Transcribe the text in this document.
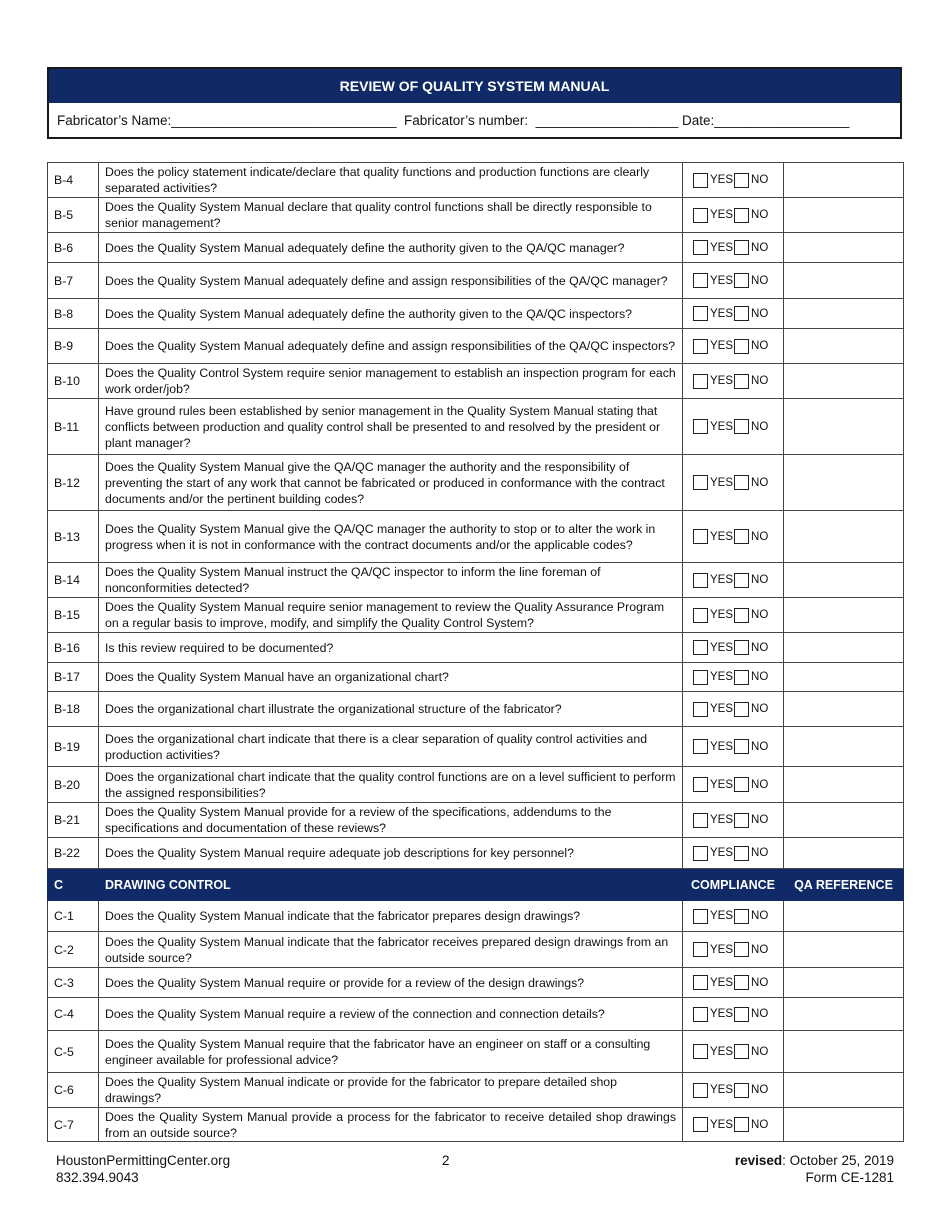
REVIEW OF QUALITY SYSTEM MANUAL
Fabricator’s Name:______________________________  Fabricator’s number:  ___________________ Date:__________________
B-4	Does the policy statement indicate/declare that quality functions and production functions are clearly separated activities?	YES NO	

B-5	Does the Quality System Manual declare that quality control functions shall be directly responsible to senior management?	YES NO	

B-6	Does the Quality System Manual adequately define the authority given to the QA/QC manager?	YES NO	

B-7	Does the Quality System Manual adequately define and assign responsibilities of the QA/QC manager?	YES NO	

B-8	Does the Quality System Manual adequately define the authority given to the QA/QC inspectors?	YES NO	

B-9	Does the Quality System Manual adequately define and assign responsibilities of the QA/QC inspectors?	YES NO	

B-10	Does the Quality Control System require senior management to establish an inspection program for each work order/job?	YES NO	

B-11	Have ground rules been established by senior management in the Quality System Manual stating that conflicts between production and quality control shall be presented to and resolved by the president or plant manager?	YES NO	

B-12	Does the Quality System Manual give the QA/QC manager the authority and the responsibility of preventing the start of any work that cannot be fabricated or produced in conformance with the contract documents and/or the pertinent building codes?	YES NO	

B-13	Does the Quality System Manual give the QA/QC manager the authority to stop or to alter the work in progress when it is not in conformance with the contract documents and/or the applicable codes?	YES NO	

B-14	Does the Quality System Manual instruct the QA/QC inspector to inform the line foreman of nonconformities detected?	YES NO	

B-15	Does the Quality System Manual require senior management to review the Quality Assurance Program on a regular basis to improve, modify, and simplify the Quality Control System?	YES NO	

B-16	Is this review required to be documented?	YES NO	

B-17	Does the Quality System Manual have an organizational chart?	YES NO	

B-18	Does the organizational chart illustrate the organizational structure of the fabricator?	YES NO	

B-19	Does the organizational chart indicate that there is a clear separation of quality control activities and production activities?	YES NO	

B-20	Does the organizational chart indicate that the quality control functions are on a level sufficient to perform the assigned responsibilities?	YES NO	

B-21	Does the Quality System Manual provide for a review of the specifications, addendums to the specifications and documentation of these reviews?	YES NO	

B-22	Does the Quality System Manual require adequate job descriptions for key personnel?	YES NO	

C	DRAWING CONTROL	COMPLIANCE	QA REFERENCE
C-1	Does the Quality System Manual indicate that the fabricator prepares design drawings?	YES NO	

C-2	Does the Quality System Manual indicate that the fabricator receives prepared design drawings from an outside source?	YES NO	

C-3	Does the Quality System Manual require or provide for a review of the design drawings?	YES NO	

C-4	Does the Quality System Manual require a review of the connection and connection details?	YES NO	

C-5	Does the Quality System Manual require that the fabricator have an engineer on staff or a consulting engineer available for professional advice?	YES NO	

C-6	Does the Quality System Manual indicate or provide for the fabricator to prepare detailed shop drawings?	YES NO	

C-7	Does the Quality System Manual provide a process for the fabricator to receive detailed shop drawings from an outside source?	YES NO	

HoustonPermittingCenter.org
832.394.9043
2	revised: October 25, 2019
Form CE-1281
